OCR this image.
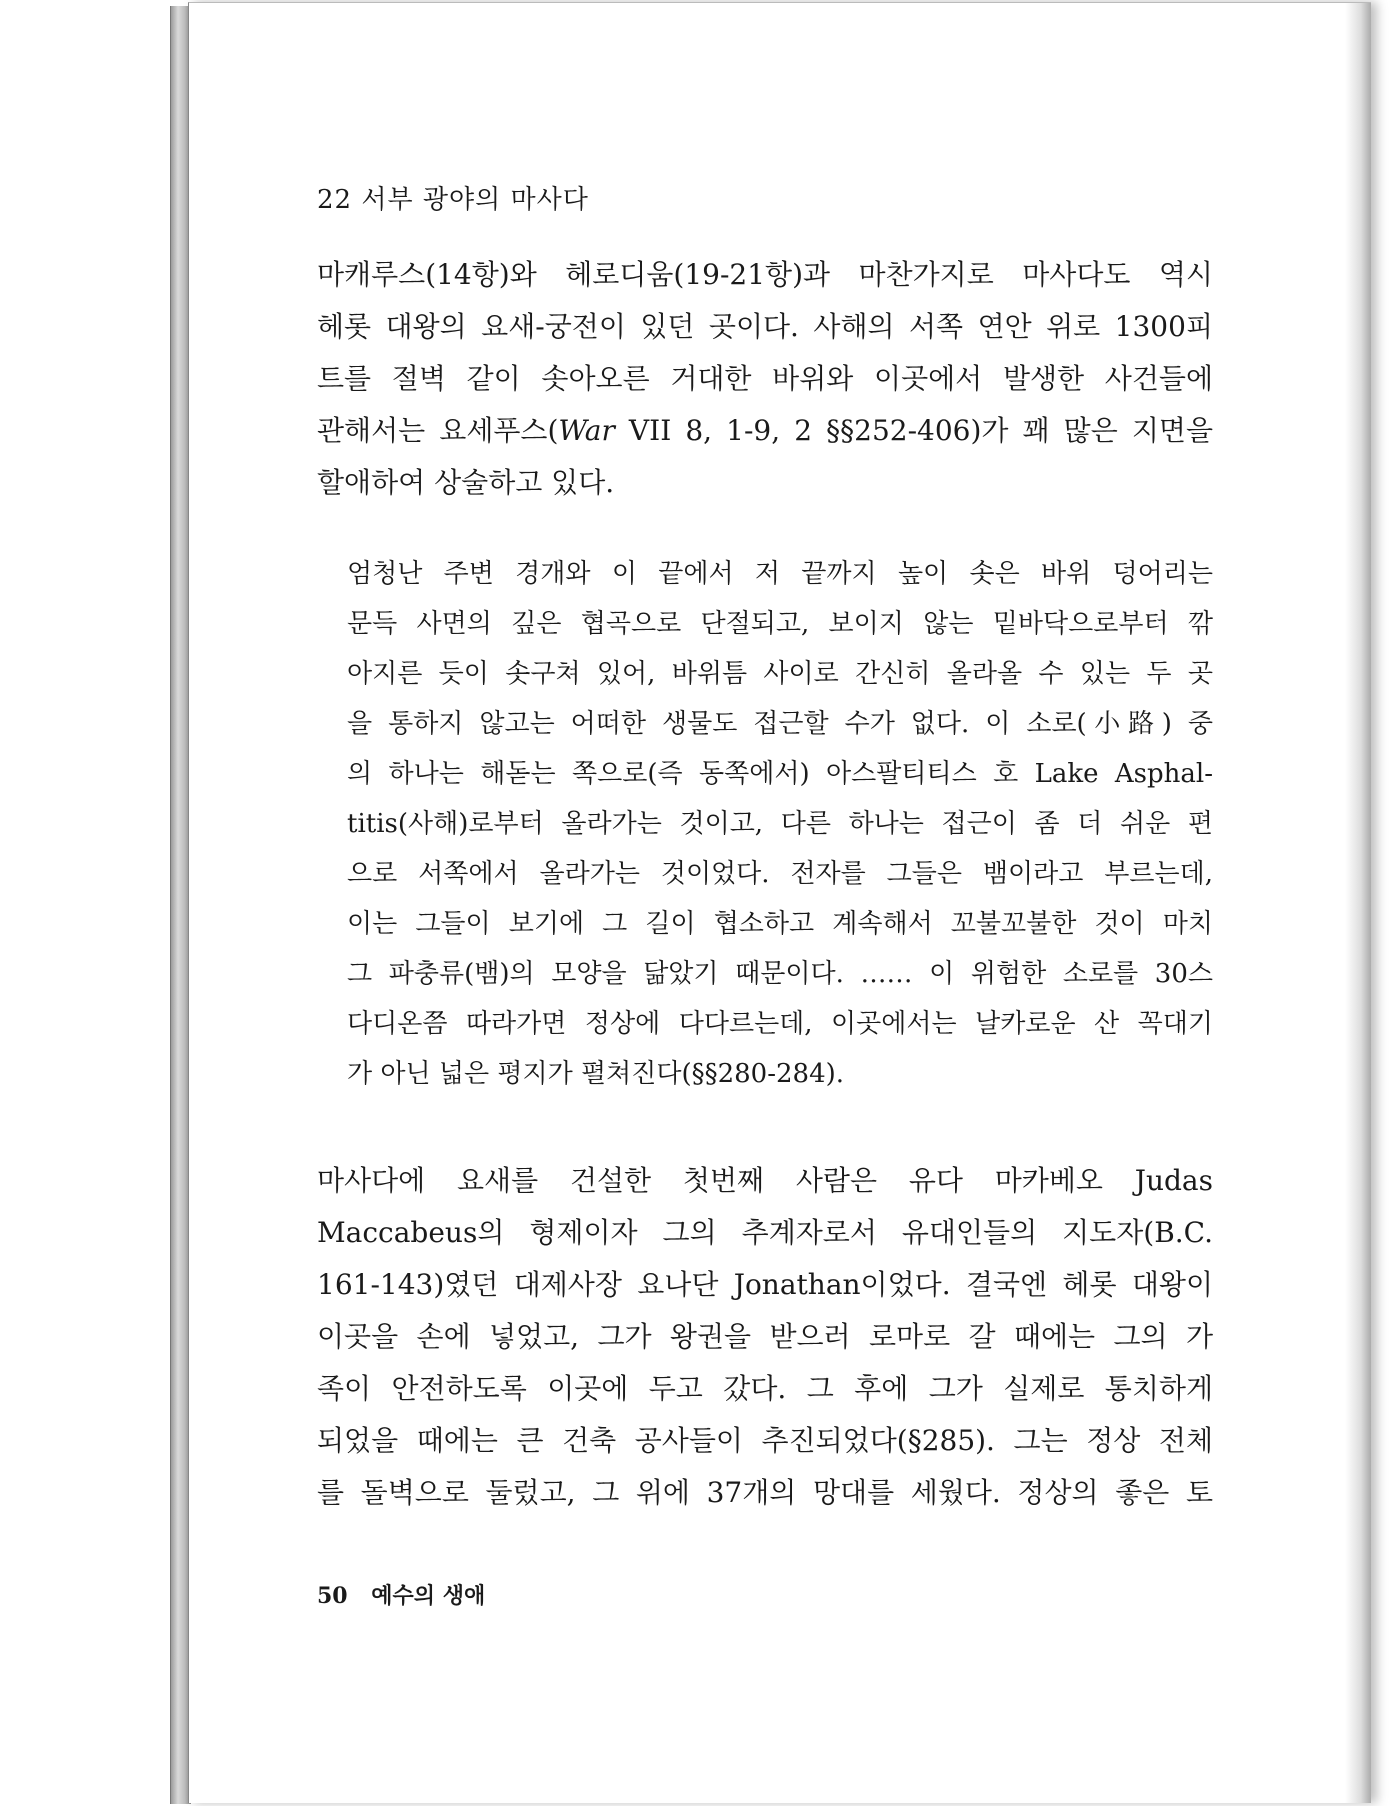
22 서부 광야의 마사다
마캐루스(14항)와 헤로디움(19-21항)과 마찬가지로 마사다도 역시
헤롯 대왕의 요새-궁전이 있던 곳이다. 사해의 서쪽 연안 위로 1300피
트를 절벽 같이 솟아오른 거대한 바위와 이곳에서 발생한 사건들에
관해서는 요세푸스(War VII 8, 1-9, 2 §§252-406)가 꽤 많은 지면을
할애하여 상술하고 있다.
엄청난 주변 경개와 이 끝에서 저 끝까지 높이 솟은 바위 덩어리는
문득 사면의 깊은 협곡으로 단절되고, 보이지 않는 밑바닥으로부터 깎
아지른 듯이 솟구쳐 있어, 바위틈 사이로 간신히 올라올 수 있는 두 곳
을 통하지 않고는 어떠한 생물도 접근할 수가 없다. 이 소로(小路) 중
의 하나는 해돋는 쪽으로(즉 동쪽에서) 아스팔티티스 호 Lake Asphal-
titis(사해)로부터 올라가는 것이고, 다른 하나는 접근이 좀 더 쉬운 편
으로 서쪽에서 올라가는 것이었다. 전자를 그들은 뱀이라고 부르는데,
이는 그들이 보기에 그 길이 협소하고 계속해서 꼬불꼬불한 것이 마치
그 파충류(뱀)의 모양을 닮았기 때문이다. …… 이 위험한 소로를 30스
다디온쯤 따라가면 정상에 다다르는데, 이곳에서는 날카로운 산 꼭대기
가 아닌 넓은 평지가 펼쳐진다(§§280-284).
마사다에 요새를 건설한 첫번째 사람은 유다 마카베오 Judas
Maccabeus의 형제이자 그의 추계자로서 유대인들의 지도자(B.C.
161-143)였던 대제사장 요나단 Jonathan이었다. 결국엔 헤롯 대왕이
이곳을 손에 넣었고, 그가 왕권을 받으러 로마로 갈 때에는 그의 가
족이 안전하도록 이곳에 두고 갔다. 그 후에 그가 실제로 통치하게
되었을 때에는 큰 건축 공사들이 추진되었다(§285). 그는 정상 전체
를 돌벽으로 둘렀고, 그 위에 37개의 망대를 세웠다. 정상의 좋은 토
50 예수의 생애
